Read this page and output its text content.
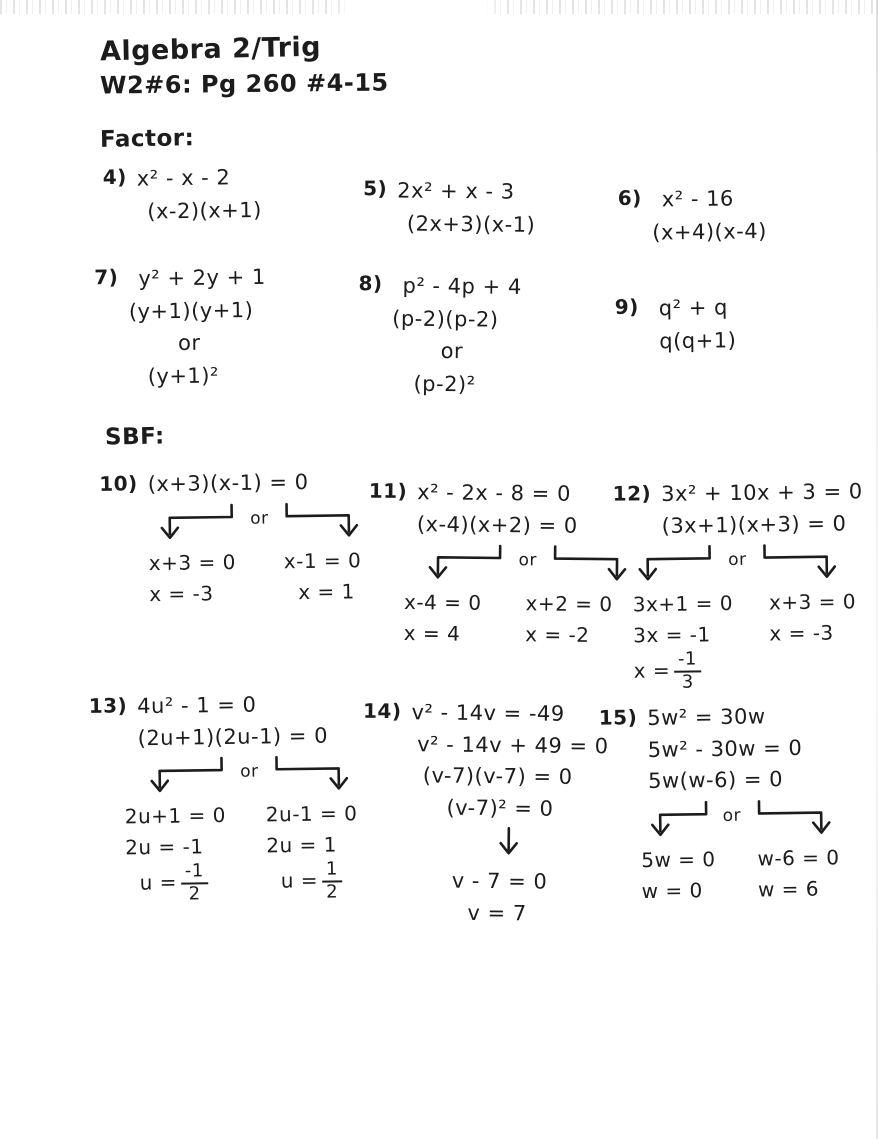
Algebra 2/Trig
W2#6: Pg 260 #4-15
Factor:
4) x² - x - 2
(x-2)(x+1)
5) 2x² + x - 3
(2x+3)(x-1)
6) x² - 16
(x+4)(x-4)
7) y² + 2y + 1
(y+1)(y+1)
or
(y+1)²
8) p² - 4p + 4
(p-2)(p-2)
or
(p-2)²
9) q² + q
q(q+1)
SBF:
10) (x+3)(x-1) = 0
or
x+3 = 0
x = -3
x-1 = 0
x = 1
11) x² - 2x - 8 = 0
(x-4)(x+2) = 0
or
x-4 = 0
x = 4
x+2 = 0
x = -2
12) 3x² + 10x + 3 = 0
(3x+1)(x+3) = 0
or
3x+1 = 0
3x = -1
$x = \frac{-1}{3}$
x+3 = 0
x = -3
13) 4u² - 1 = 0
(2u+1)(2u-1) = 0
or
2u+1 = 0
2u = -1
$u = \frac{-1}{2}$
2u-1 = 0
2u = 1
$u = \frac{1}{2}$
14) v² - 14v = -49
v² - 14v + 49 = 0
(v-7)(v-7) = 0
(v-7)² = 0
v - 7 = 0
v = 7
15) 5w² = 30w
5w² - 30w = 0
5w(w-6) = 0
or
5w = 0
w = 0
w-6 = 0
w = 6
